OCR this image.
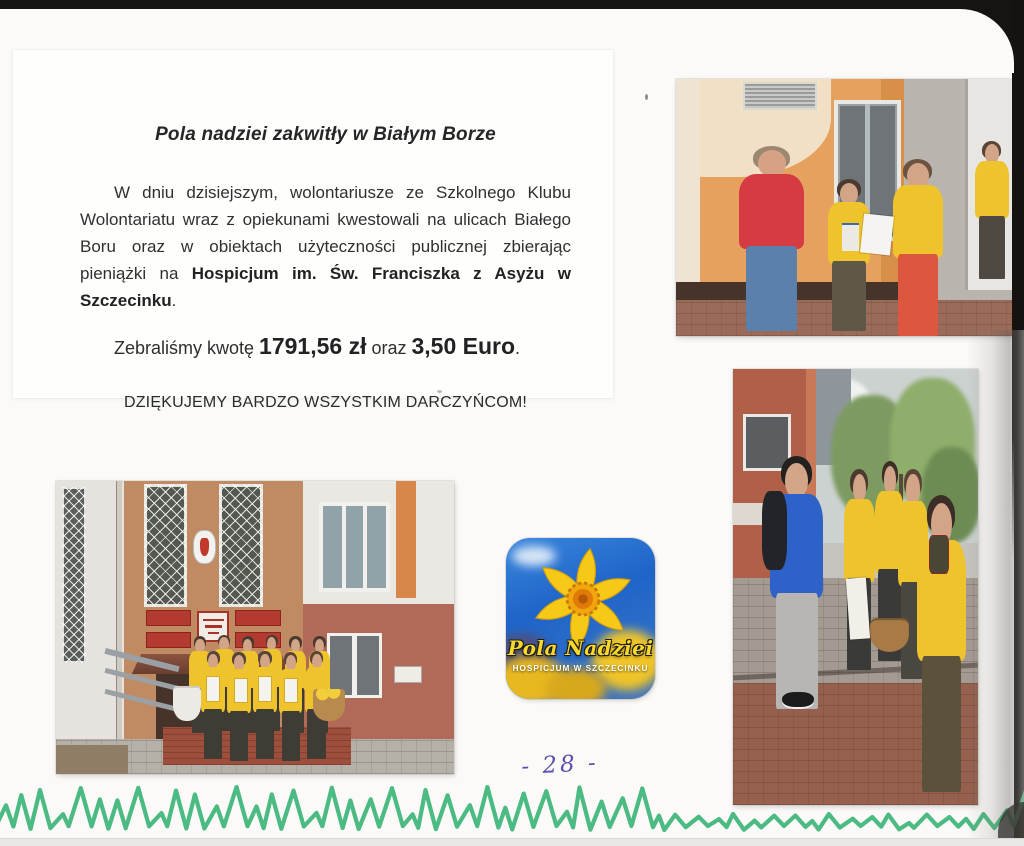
Pola nadziei zakwitły w Białym Borze
W dniu dzisiejszym, wolontariusze ze Szkolnego Klubu Wolontariatu wraz z opiekunami kwestowali na ulicach Białego Boru oraz w obiektach użyteczności publicznej zbierając pieniążki na Hospicjum im. Św. Franciszka z Asyżu w Szczecinku.
Zebraliśmy kwotę 1791,56 zł oraz 3,50 Euro.
DZIĘKUJEMY BARDZO WSZYSTKIM DARCZYŃCOM!
Pola Nadziei
HOSPICJUM W SZCZECINKU
- 28 -
